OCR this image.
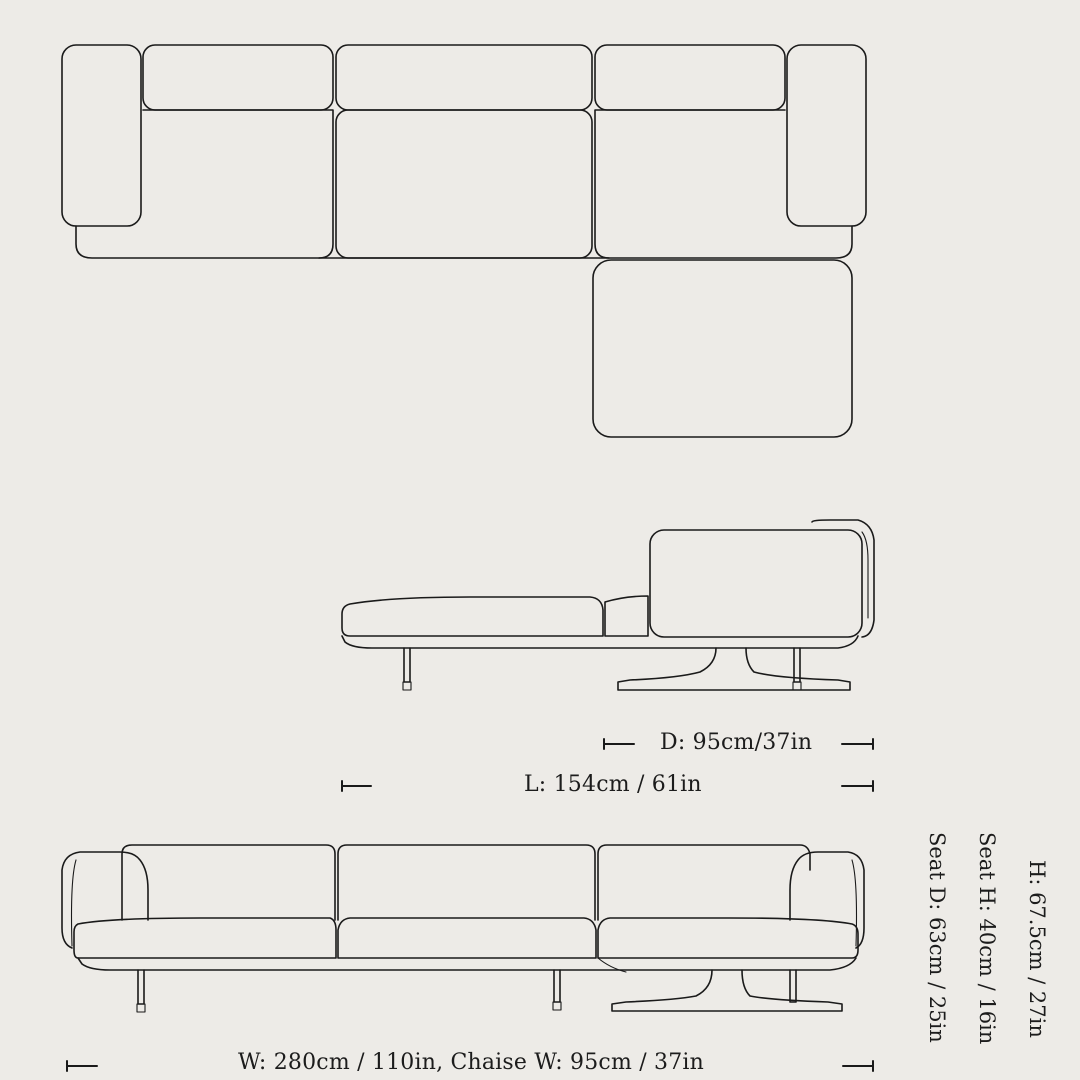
D: 95cm/37in
L: 154cm / 61in
W: 280cm / 110in, Chaise W: 95cm / 37in
H: 67.5cm / 27in
Seat H: 40cm / 16in
Seat D: 63cm / 25in
